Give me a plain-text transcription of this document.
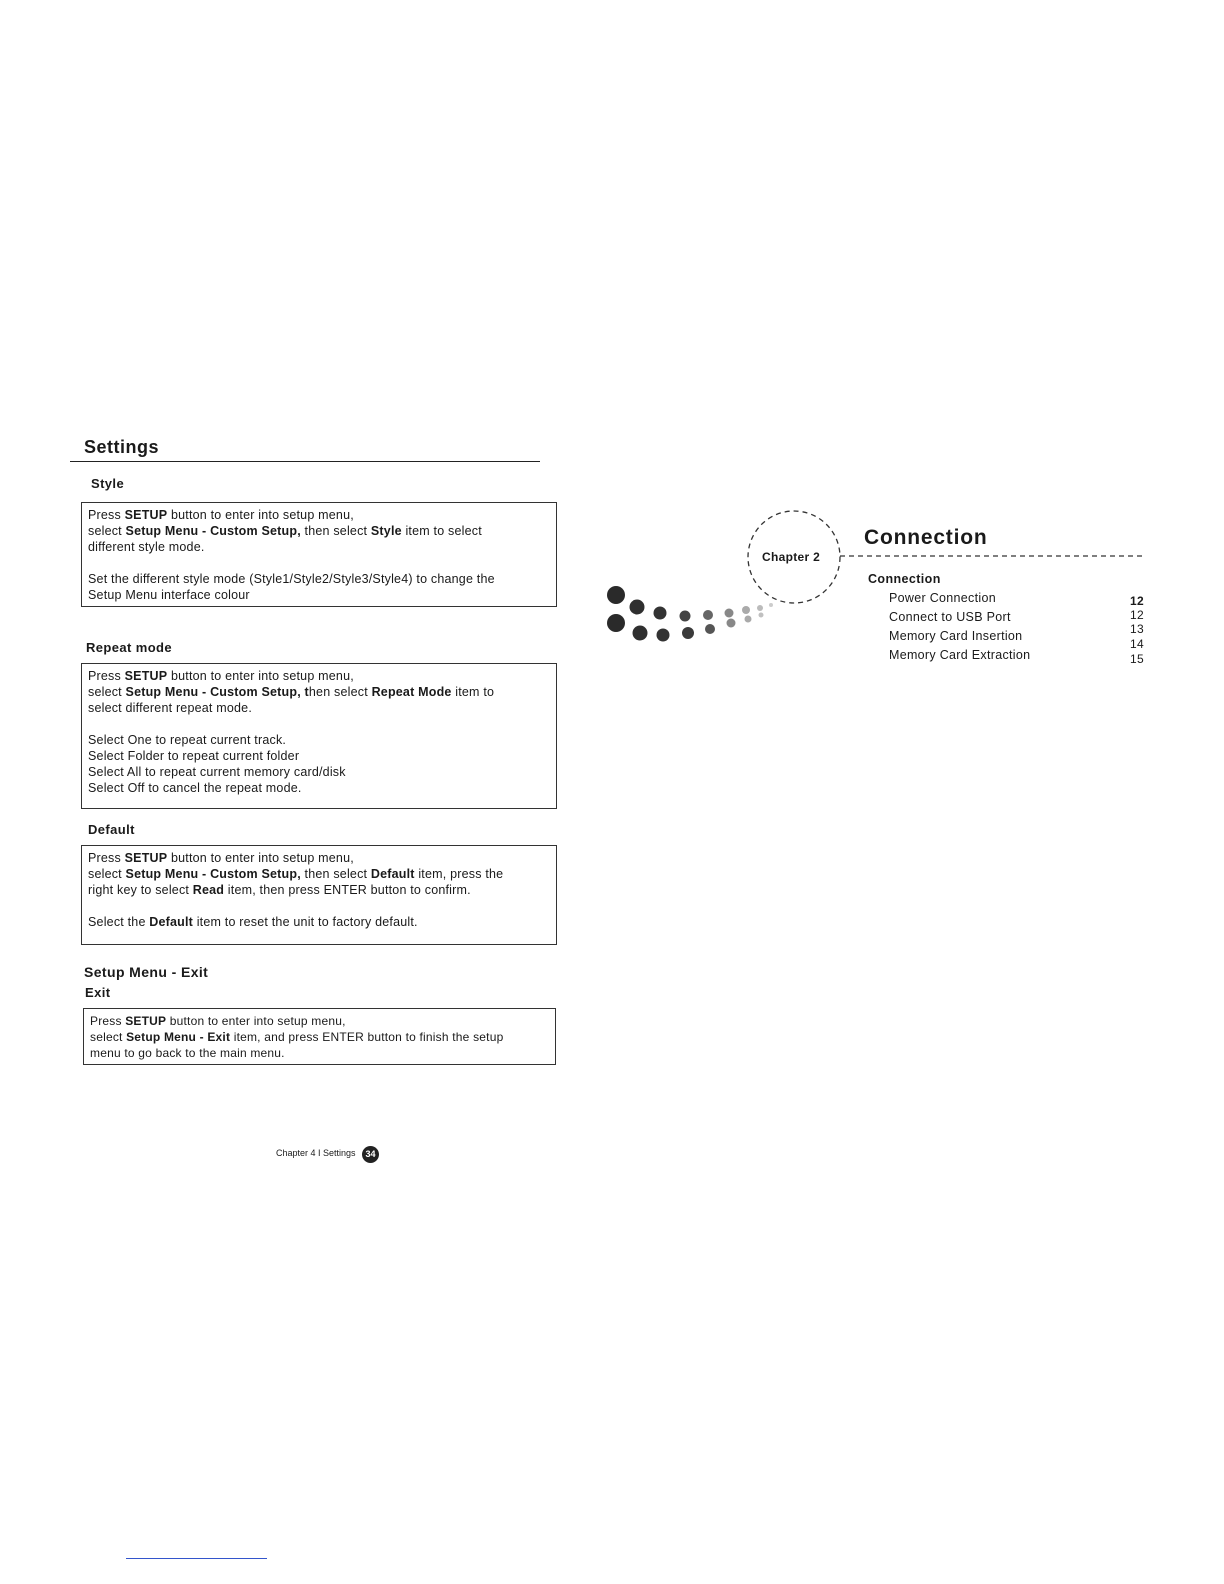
Settings
Style

Press SETUP button to enter into setup menu,

select Setup Menu - Custom Setup, then select Style item to select

different style mode.

Set the different style mode (Style1/Style2/Style3/Style4) to change the

Setup Menu interface colour

Repeat mode

Press SETUP button to enter into setup menu,

select Setup Menu - Custom Setup, then select Repeat Mode item to

select different repeat mode.

Select One to repeat current track.

Select Folder to repeat current folder

Select All to repeat current memory card/disk

Select Off to cancel the repeat mode.

Default

Press SETUP button to enter into setup menu,

select Setup Menu - Custom Setup, then select Default item, press the

right key to select Read item, then press ENTER button to confirm.

Select the Default item to reset the unit to factory default.

Setup Menu - Exit
Exit

Press SETUP button to enter into setup menu,

select Setup Menu - Exit item, and press ENTER button to finish the setup

menu to go back to the main menu.

Chapter 4 I Settings	34
Chapter 2
Connection
Connection
Power Connection
Connect to USB Port
Memory Card Insertion
Memory Card Extraction
12
12
13
14
15
